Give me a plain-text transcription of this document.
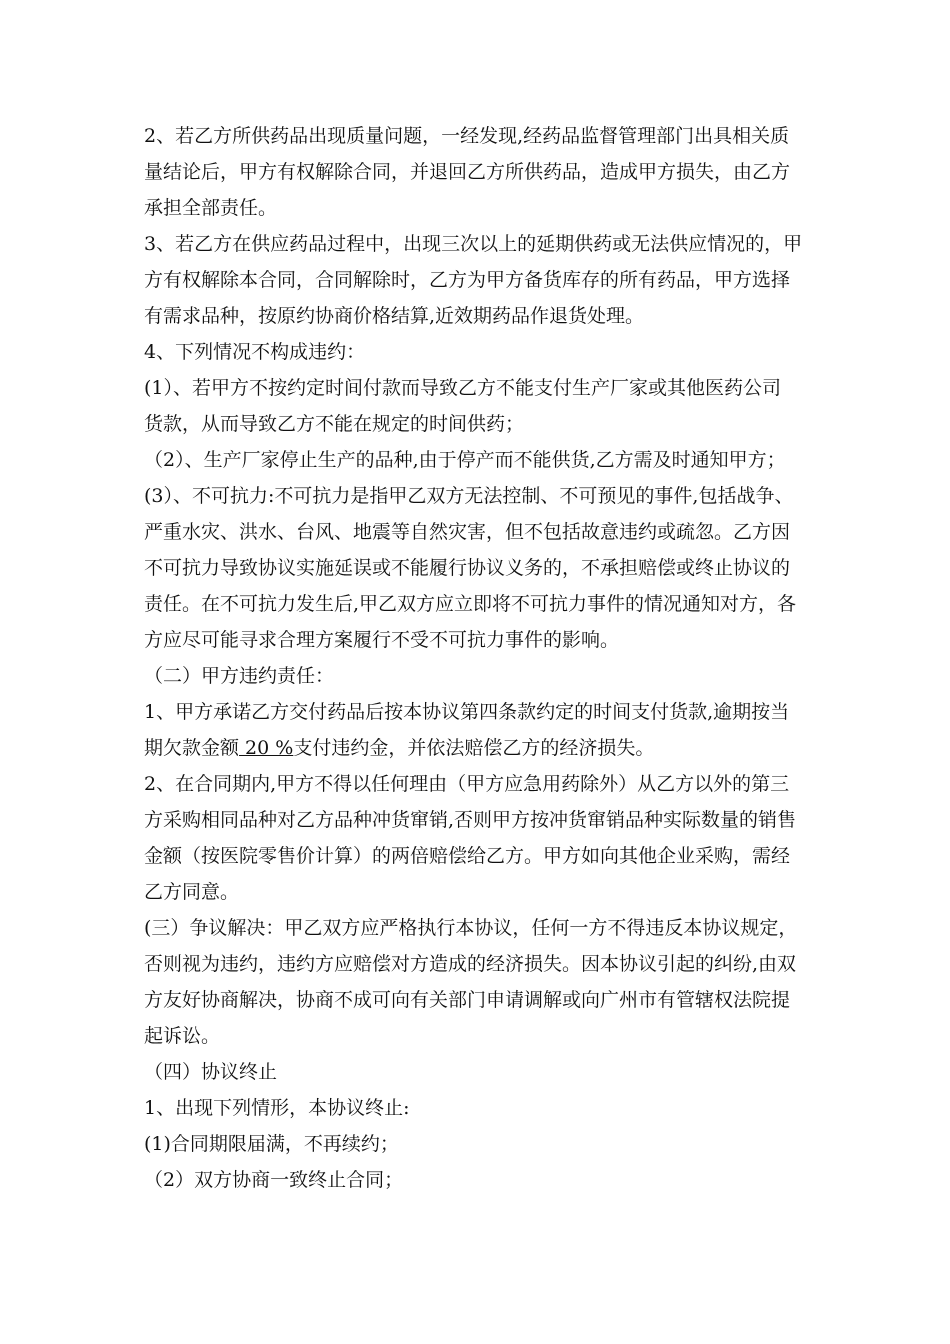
2、若乙方所供药品出现质量问题，一经发现,经药品监督管理部门出具相关质
量结论后，甲方有权解除合同，并退回乙方所供药品，造成甲方损失，由乙方
承担全部责任。
3、若乙方在供应药品过程中，出现三次以上的延期供药或无法供应情况的，甲
方有权解除本合同，合同解除时，乙方为甲方备货库存的所有药品，甲方选择
有需求品种，按原约协商价格结算,近效期药品作退货处理。
4、下列情况不构成违约：
(1）、若甲方不按约定时间付款而导致乙方不能支付生产厂家或其他医药公司
货款，从而导致乙方不能在规定的时间供药；
（2）、生产厂家停止生产的品种,由于停产而不能供货,乙方需及时通知甲方；
(3）、不可抗力:不可抗力是指甲乙双方无法控制、不可预见的事件,包括战争、
严重水灾、洪水、台风、地震等自然灾害，但不包括故意违约或疏忽。乙方因
不可抗力导致协议实施延误或不能履行协议义务的，不承担赔偿或终止协议的
责任。在不可抗力发生后,甲乙双方应立即将不可抗力事件的情况通知对方，各
方应尽可能寻求合理方案履行不受不可抗力事件的影响。
（二）甲方违约责任：
1、甲方承诺乙方交付药品后按本协议第四条款约定的时间支付货款,逾期按当
期欠款金额 20 %支付违约金，并依法赔偿乙方的经济损失。
2、在合同期内,甲方不得以任何理由（甲方应急用药除外）从乙方以外的第三
方采购相同品种对乙方品种冲货窜销,否则甲方按冲货窜销品种实际数量的销售
金额（按医院零售价计算）的两倍赔偿给乙方。甲方如向其他企业采购，需经
乙方同意。
(三）争议解决：甲乙双方应严格执行本协议，任何一方不得违反本协议规定，
否则视为违约，违约方应赔偿对方造成的经济损失。因本协议引起的纠纷,由双
方友好协商解决，协商不成可向有关部门申请调解或向广州市有管辖权法院提
起诉讼。
（四）协议终止
1、出现下列情形，本协议终止:
(1)合同期限届满，不再续约；
（2）双方协商一致终止合同；
